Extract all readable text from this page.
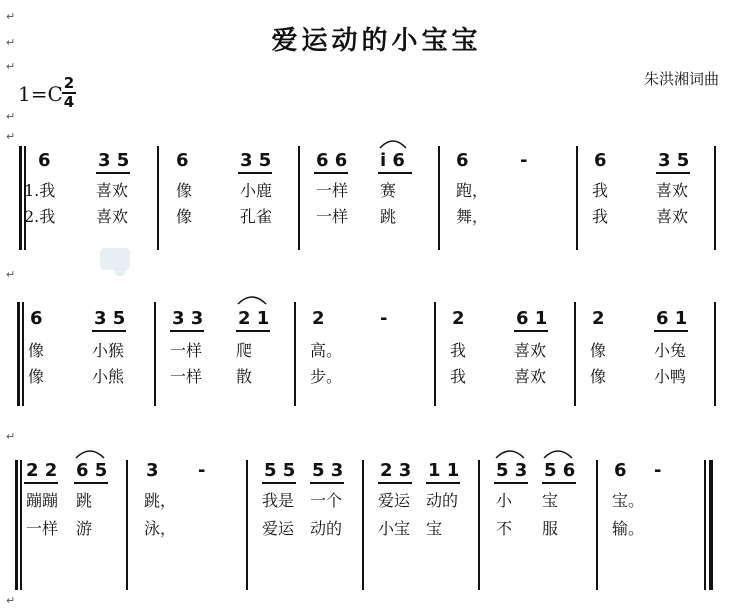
↵
↵
↵
↵
↵
↵
↵
↵
爱运动的小宝宝
朱洪湘词曲
1=C 2
4
6	3 5
1.我	喜欢
2.我	喜欢
6	3 5
像	小鹿
像	孔雀
6 6 i 6
一样 赛
一样 跳
6	-
跑，
舞，
6	3 5
我	喜欢
我	喜欢
6	3 5
像	小猴
像	小熊
3 3 2 1
一样 爬
一样 散
2	-
高。
步。
2	6 1
我	喜欢
我	喜欢
2	6 1
像	小兔
像	小鸭
2 2 6 5
蹦蹦 跳
一样 游
3 -
跳，
泳，
5 5 5 3
我是 一个
爱运 动的
2 3 1 1
爱运 动的
小宝 宝
5 3 5 6
小 宝
不 服
6 -
宝。
输。
